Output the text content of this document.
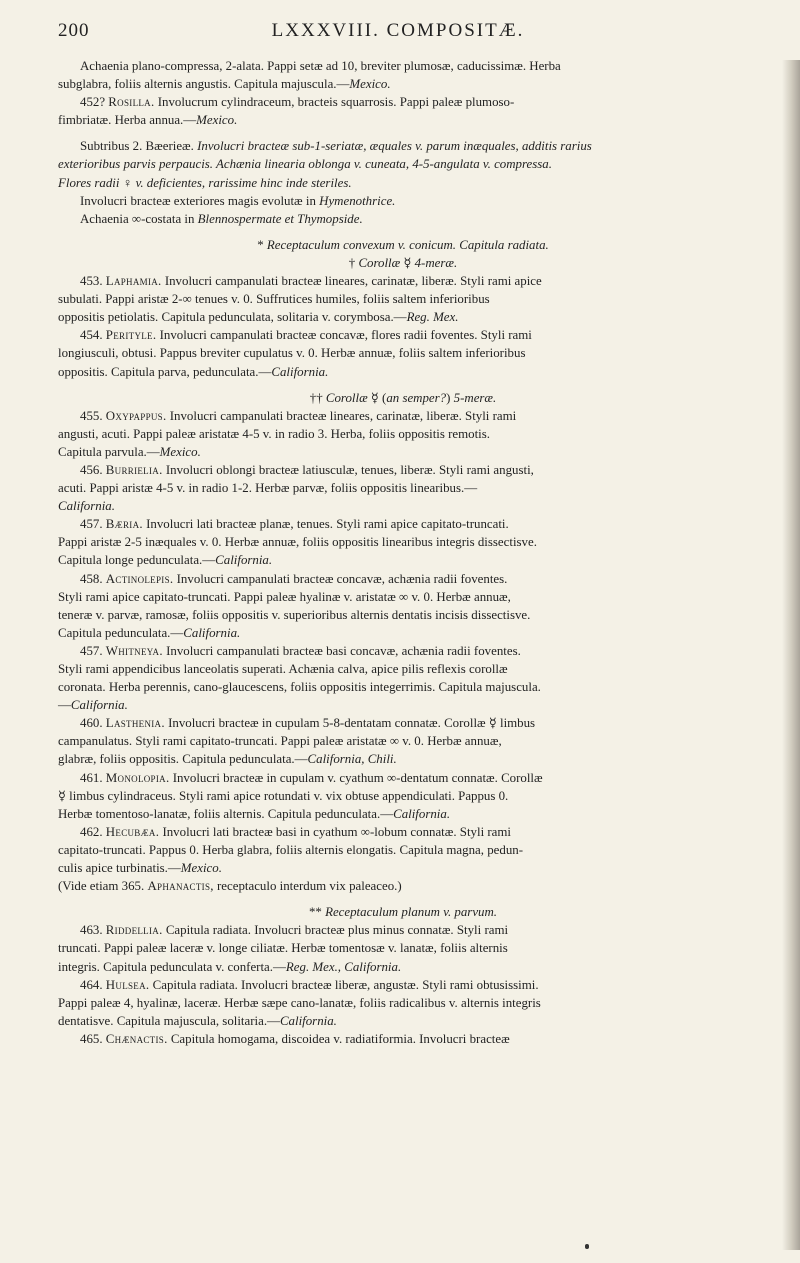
200	LXXXVIII. COMPOSITÆ.
Achaenia plano-compressa, 2-alata. Pappi setæ ad 10, breviter plumosæ, caducissimæ. Herba
subglabra, foliis alternis angustis. Capitula majuscula.—Mexico.
452? Rosilla. Involucrum cylindraceum, bracteis squarrosis. Pappi paleæ plumoso-
fimbriatæ. Herba annua.—Mexico.
Subtribus 2. Bæerieæ. Involucri bracteæ sub-1-seriatæ, æquales v. parum inæquales, additis rarius
exterioribus parvis perpaucis. Achænia linearia oblonga v. cuneata, 4-5-angulata v. compressa.
Flores radii ♀ v. deficientes, rarissime hinc inde steriles.
Involucri bracteæ exteriores magis evolutæ in Hymenothrice.
Achaenia ∞-costata in Blennospermate et Thymopside.
* Receptaculum convexum v. conicum. Capitula radiata.
† Corollæ ☿ 4-meræ.
453. Laphamia. Involucri campanulati bracteæ lineares, carinatæ, liberæ. Styli rami apice
subulati. Pappi aristæ 2-∞ tenues v. 0. Suffrutices humiles, foliis saltem inferioribus
oppositis petiolatis. Capitula pedunculata, solitaria v. corymbosa.—Reg. Mex.
454. Perityle. Involucri campanulati bracteæ concavæ, flores radii foventes. Styli rami
longiusculi, obtusi. Pappus breviter cupulatus v. 0. Herbæ annuæ, foliis saltem inferioribus
oppositis. Capitula parva, pedunculata.—California.
†† Corollæ ☿ (an semper?) 5-meræ.
455. Oxypappus. Involucri campanulati bracteæ lineares, carinatæ, liberæ. Styli rami
angusti, acuti. Pappi paleæ aristatæ 4-5 v. in radio 3. Herba, foliis oppositis remotis.
Capitula parvula.—Mexico.
456. Burrielia. Involucri oblongi bracteæ latiusculæ, tenues, liberæ. Styli rami angusti,
acuti. Pappi aristæ 4-5 v. in radio 1-2. Herbæ parvæ, foliis oppositis linearibus.—
California.
457. Bæria. Involucri lati bracteæ planæ, tenues. Styli rami apice capitato-truncati.
Pappi aristæ 2-5 inæquales v. 0. Herbæ annuæ, foliis oppositis linearibus integris dissectisve.
Capitula longe pedunculata.—California.
458. Actinolepis. Involucri campanulati bracteæ concavæ, achænia radii foventes.
Styli rami apice capitato-truncati. Pappi paleæ hyalinæ v. aristatæ ∞ v. 0. Herbæ annuæ,
teneræ v. parvæ, ramosæ, foliis oppositis v. superioribus alternis dentatis incisis dissectisve.
Capitula pedunculata.—California.
457. Whitneya. Involucri campanulati bracteæ basi concavæ, achænia radii foventes.
Styli rami appendicibus lanceolatis superati. Achænia calva, apice pilis reflexis corollæ
coronata. Herba perennis, cano-glaucescens, foliis oppositis integerrimis. Capitula majuscula.
—California.
460. Lasthenia. Involucri bracteæ in cupulam 5-8-dentatam connatæ. Corollæ ☿ limbus
campanulatus. Styli rami capitato-truncati. Pappi paleæ aristatæ ∞ v. 0. Herbæ annuæ,
glabræ, foliis oppositis. Capitula pedunculata.—California, Chili.
461. Monolopia. Involucri bracteæ in cupulam v. cyathum ∞-dentatum connatæ. Corollæ
☿ limbus cylindraceus. Styli rami apice rotundati v. vix obtuse appendiculati. Pappus 0.
Herbæ tomentoso-lanatæ, foliis alternis. Capitula pedunculata.—California.
462. Hecubæa. Involucri lati bracteæ basi in cyathum ∞-lobum connatæ. Styli rami
capitato-truncati. Pappus 0. Herba glabra, foliis alternis elongatis. Capitula magna, pedun-
culis apice turbinatis.—Mexico.
(Vide etiam 365. Aphanactis, receptaculo interdum vix paleaceo.)
** Receptaculum planum v. parvum.
463. Riddellia. Capitula radiata. Involucri bracteæ plus minus connatæ. Styli rami
truncati. Pappi paleæ laceræ v. longe ciliatæ. Herbæ tomentosæ v. lanatæ, foliis alternis
integris. Capitula pedunculata v. conferta.—Reg. Mex., California.
464. Hulsea. Capitula radiata. Involucri bracteæ liberæ, angustæ. Styli rami obtusissimi.
Pappi paleæ 4, hyalinæ, laceræ. Herbæ sæpe cano-lanatæ, foliis radicalibus v. alternis integris
dentatisve. Capitula majuscula, solitaria.—California.
465. Chænactis. Capitula homogama, discoidea v. radiatiformia. Involucri bracteæ
